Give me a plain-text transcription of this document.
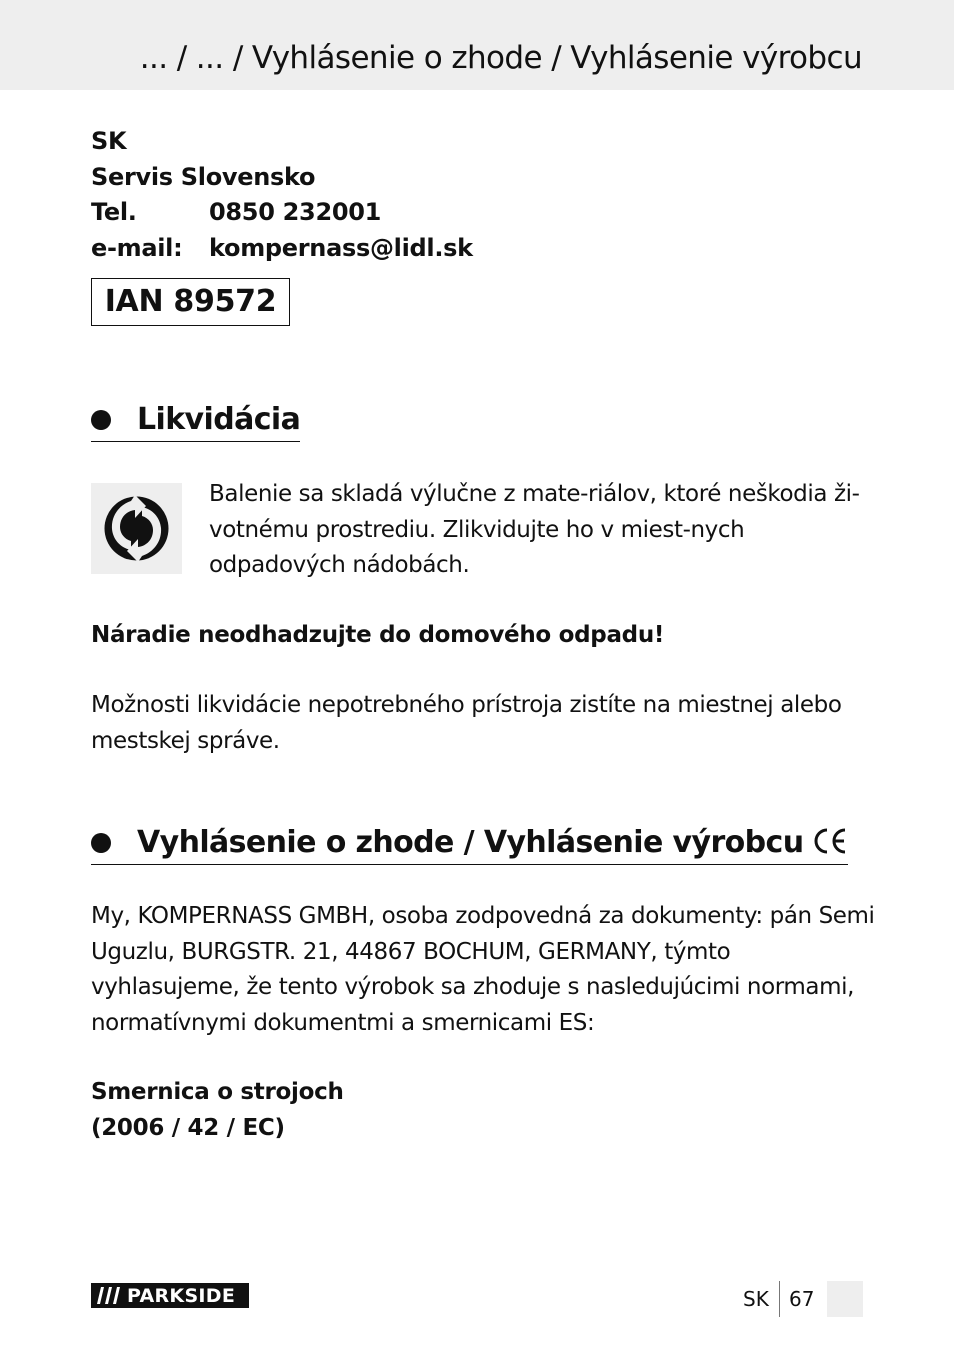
... / ... / Vyhlásenie o zhode / Vyhlásenie výrobcu
SK
Servis Slovensko
Tel.	0850 232001
e-mail:	kompernass@lidl.sk
IAN 89572
Likvidácia
Balenie sa skladá výlučne z mate-riálov, ktoré neškodia ži-votnému prostrediu. Zlikvidujte ho v miest-nych odpadových nádobách.
Náradie neodhadzujte do domového odpadu!
Možnosti likvidácie nepotrebného prístroja zistíte na miestnej alebo mestskej správe.
Vyhlásenie o zhode / Vyhlásenie výrobcu
My, KOMPERNASS GMBH, osoba zodpovedná za dokumenty: pán Semi Uguzlu, BURGSTR. 21, 44867 BOCHUM, GERMANY, týmto vyhlasujeme, že tento výrobok sa zhoduje s nasledujúcimi normami, normatívnymi dokumentmi a smernicami ES:
Smernica o strojoch
(2006 / 42 / EC)
PARKSIDE	SK 67
